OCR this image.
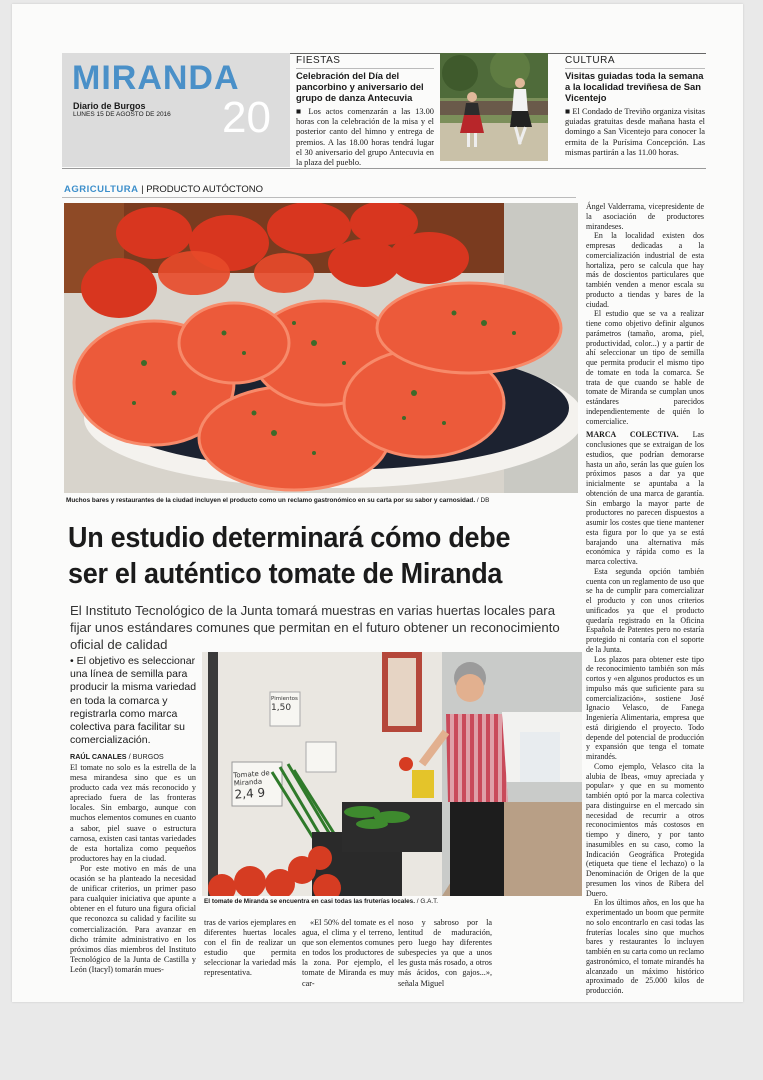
MIRANDA
Diario de Burgos
LUNES 15 DE AGOSTO DE 2016 20
FIESTAS
Celebración del Día del pancorbino y aniversario del grupo de danza Antecuvia
■ Los actos comenzarán a las 13.00 horas con la celebración de la misa y el posterior canto del himno y entrega de premios. A las 18.00 horas tendrá lugar el 30 aniversario del grupo Antecuvia en la plaza del pueblo.
CULTURA
Visitas guiadas toda la semana a la localidad treviñesa de San Vicentejo
■ El Condado de Treviño organiza visitas guiadas gratuitas desde mañana hasta el domingo a San Vicentejo para conocer la ermita de la Purísima Concepción. Las mismas partirán a las 11.00 horas.
AGRICULTURA | PRODUCTO AUTÓCTONO
Muchos bares y restaurantes de la ciudad incluyen el producto como un reclamo gastronómico en su carta por su sabor y carnosidad. / DB
Un estudio determinará cómo debe
ser el auténtico tomate de Miranda
El Instituto Tecnológico de la Junta tomará muestras en varias huertas locales para fijar unos estándares comunes que permitan en el futuro obtener un reconocimiento oficial de calidad
• El objetivo es seleccionar una línea de semilla para producir la misma variedad en toda la comarca y registrarla como marca colectiva para facilitar su comercialización.
RAÚL CANALES / BURGOS

El tomate no solo es la estrella de la mesa mirandesa sino que es un producto cada vez más reconocido y apreciado fuera de las fronteras locales. Sin embargo, aunque con muchos elementos comunes en cuanto a sabor, piel suave o estructura carnosa, existen casi tantas variedades de esta hortaliza como pequeños productores hay en la ciudad.

Por este motivo en más de una ocasión se ha planteado la necesidad de unificar criterios, un primer paso para cualquier iniciativa que apunte a obtener en el futuro una figura oficial que reconozca su calidad y facilite su comercialización. Para avanzar en dicho trámite administrativo en los próximos días miembros del Instituto Tecnológico de la Junta de Castilla y León (Itacyl) tomarán mues-

Tomate de Miranda
2,4 9
Pimientos
1,50
El tomate de Miranda se encuentra en casi todas las fruterías locales. / G.A.T.
tras de varios ejemplares en diferentes huertas locales con el fin de realizar un estudio que permita seleccionar la variedad más representativa.
«El 50% del tomate es el agua, el clima y el terreno, que son elementos comunes en todos los productores de la zona. Por ejemplo, el tomate de Miranda es muy car-
noso y sabroso por la lentitud de maduración, pero luego hay diferentes subespecies ya que a unos les gusta más rosado, a otros más ácidos, con gajos...», señala Miguel

Ángel Valderrama, vicepresidente de la asociación de productores mirandeses.

En la localidad existen dos empresas dedicadas a la comercialización industrial de esta hortaliza, pero se calcula que hay más de doscientos particulares que también venden a menor escala su producto a tiendas y bares de la ciudad.

El estudio que se va a realizar tiene como objetivo definir algunos parámetros (tamaño, aroma, piel, productividad, color...) y a partir de ahí seleccionar un tipo de semilla que permita producir el mismo tipo de tomate en toda la comarca. Se trata de que cuando se hable de tomate de Miranda se cumplan unos estándares parecidos independientemente de quién lo comercialice.

MARCA COLECTIVA. Las conclusiones que se extraigan de los estudios, que podrían demorarse hasta un año, serán las que guíen los próximos pasos a dar ya que inicialmente se apuntaba a la obtención de una marca de garantía. Sin embargo la mayor parte de productores no parecen dispuestos a asumir los costes que tiene mantener esta figura por lo que ya se está barajando una alternativa más económica y rápida como es la marca colectiva.

Esta segunda opción también cuenta con un reglamento de uso que se ha de cumplir para comercializar el producto y con unos criterios unificados ya que el producto quedaría registrado en la Oficina Española de Patentes pero no estaría protegido ni contaría con el soporte de la Junta.

Los plazos para obtener este tipo de reconocimiento también son más cortos y «en algunos productos es un impulso más que suficiente para su comercialización», sostiene José Ignacio Velasco, de Fanega Ingeniería Alimentaria, empresa que está dirigiendo el proyecto. Todo depende del potencial de producción y expansión que tenga el tomate mirandés.

Como ejemplo, Velasco cita la alubia de Ibeas, «muy apreciada y popular» y que en su momento también optó por la marca colectiva para distinguirse en el mercado sin necesidad de recurrir a otros reconocimientos más costosos en tiempo y dinero, y por tanto inasumibles en su caso, como la Indicación Geográfica Protegida (etiqueta que tiene el lechazo) o la Denominación de Origen de la que presumen los vinos de Ribera del Duero.

En los últimos años, en los que ha experimentado un boom que permite no solo encontrarlo en casi todas las fruterías locales sino que muchos bares y restaurantes lo incluyen también en su carta como un reclamo gastronómico, el tomate mirandés ha alcanzado un máximo histórico aproximado de 25.000 kilos de producción.
